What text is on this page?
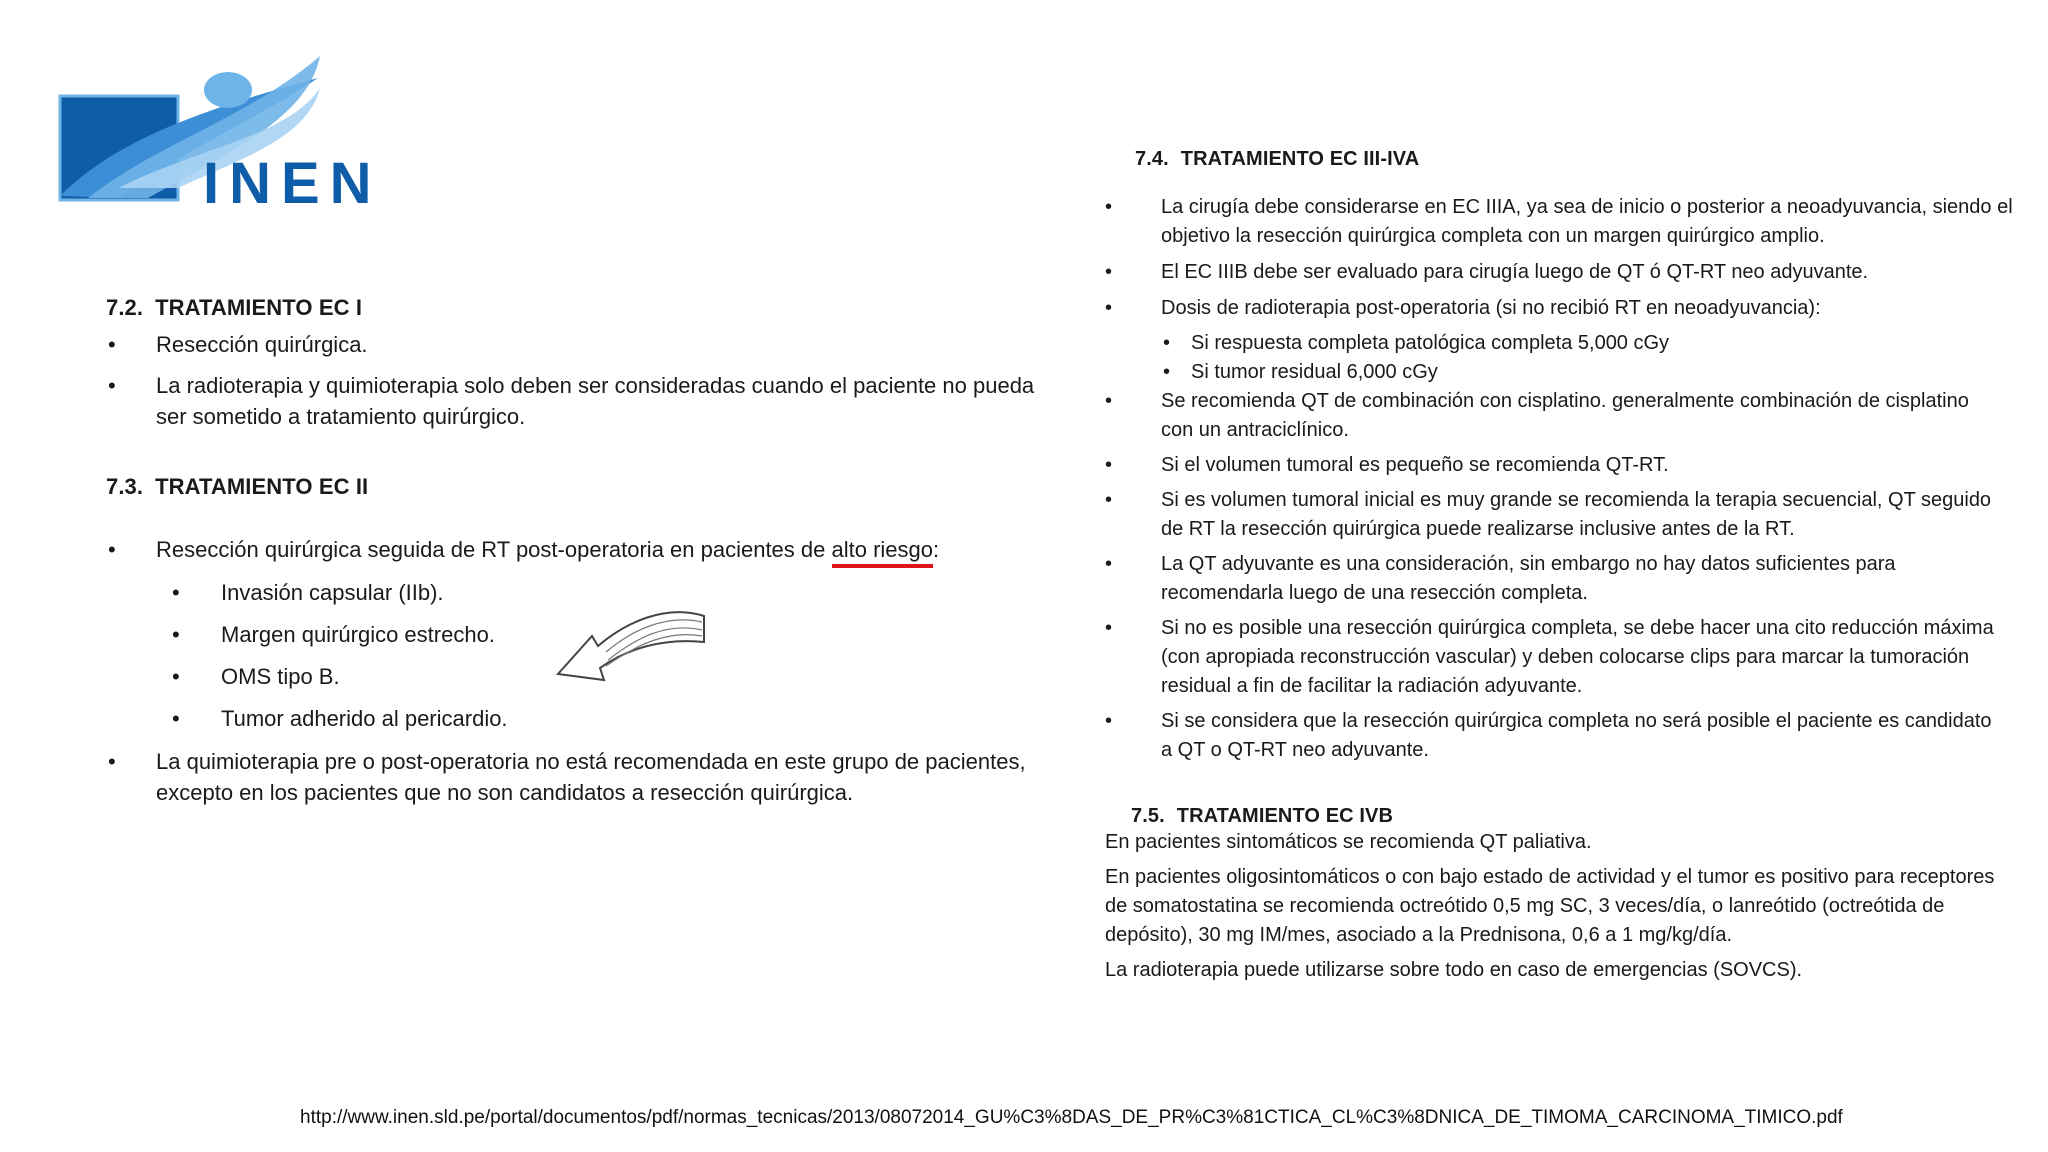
INEN
7.2. TRATAMIENTO EC I
• Resección quirúrgica.
• La radioterapia y quimioterapia solo deben ser consideradas cuando el paciente no pueda ser sometido a tratamiento quirúrgico.
7.3. TRATAMIENTO EC II
• Resección quirúrgica seguida de RT post-operatoria en pacientes de alto riesgo:
• Invasión capsular (IIb).
• Margen quirúrgico estrecho.
• OMS tipo B.
• Tumor adherido al pericardio.
• La quimioterapia pre o post-operatoria no está recomendada en este grupo de pacientes, excepto en los pacientes que no son candidatos a resección quirúrgica.
7.4. TRATAMIENTO EC III-IVA
• La cirugía debe considerarse en EC IIIA, ya sea de inicio o posterior a neoadyuvancia, siendo el objetivo la resección quirúrgica completa con un margen quirúrgico amplio.
• El EC IIIB debe ser evaluado para cirugía luego de QT ó QT-RT neo adyuvante.
• Dosis de radioterapia post-operatoria (si no recibió RT en neoadyuvancia):
• Si respuesta completa patológica completa 5,000 cGy
• Si tumor residual 6,000 cGy
• Se recomienda QT de combinación con cisplatino. generalmente combinación de cisplatino con un antraciclínico.
• Si el volumen tumoral es pequeño se recomienda QT-RT.
• Si es volumen tumoral inicial es muy grande se recomienda la terapia secuencial, QT seguido de RT la resección quirúrgica puede realizarse inclusive antes de la RT.
• La QT adyuvante es una consideración, sin embargo no hay datos suficientes para recomendarla luego de una resección completa.
• Si no es posible una resección quirúrgica completa, se debe hacer una cito reducción máxima (con apropiada reconstrucción vascular) y deben colocarse clips para marcar la tumoración residual a fin de facilitar la radiación adyuvante.
• Si se considera que la resección quirúrgica completa no será posible el paciente es candidato a QT o QT-RT neo adyuvante.
7.5. TRATAMIENTO EC IVB

En pacientes sintomáticos se recomienda QT paliativa.

En pacientes oligosintomáticos o con bajo estado de actividad y el tumor es positivo para receptores de somatostatina se recomienda octreótido 0,5 mg SC, 3 veces/día, o lanreótido (octreótida de depósito), 30 mg IM/mes, asociado a la Prednisona, 0,6 a 1 mg/kg/día.

La radioterapia puede utilizarse sobre todo en caso de emergencias (SOVCS).

http://www.inen.sld.pe/portal/documentos/pdf/normas_tecnicas/2013/08072014_GU%C3%8DAS_DE_PR%C3%81CTICA_CL%C3%8DNICA_DE_TIMOMA_CARCINOMA_TIMICO.pdf
